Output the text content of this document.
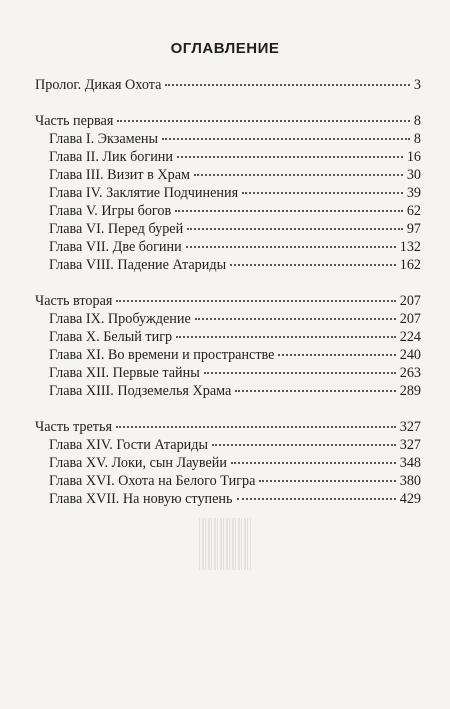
ОГЛАВЛЕНИЕ
Пролог. Дикая Охота	3
Часть первая	8
Глава I. Экзамены	8
Глава II. Лик богини	16
Глава III. Визит в Храм	30
Глава IV. Заклятие Подчинения	39
Глава V. Игры богов	62
Глава VI. Перед бурей	97
Глава VII. Две богини	132
Глава VIII. Падение Атариды	162
Часть вторая	207
Глава IX. Пробуждение	207
Глава X. Белый тигр	224
Глава XI. Во времени и пространстве	240
Глава XII. Первые тайны	263
Глава XIII. Подземелья Храма	289
Часть третья	327
Глава XIV. Гости Атариды	327
Глава XV. Локи, сын Лаувейи	348
Глава XVI. Охота на Белого Тигра	380
Глава XVII. На новую ступень	429
